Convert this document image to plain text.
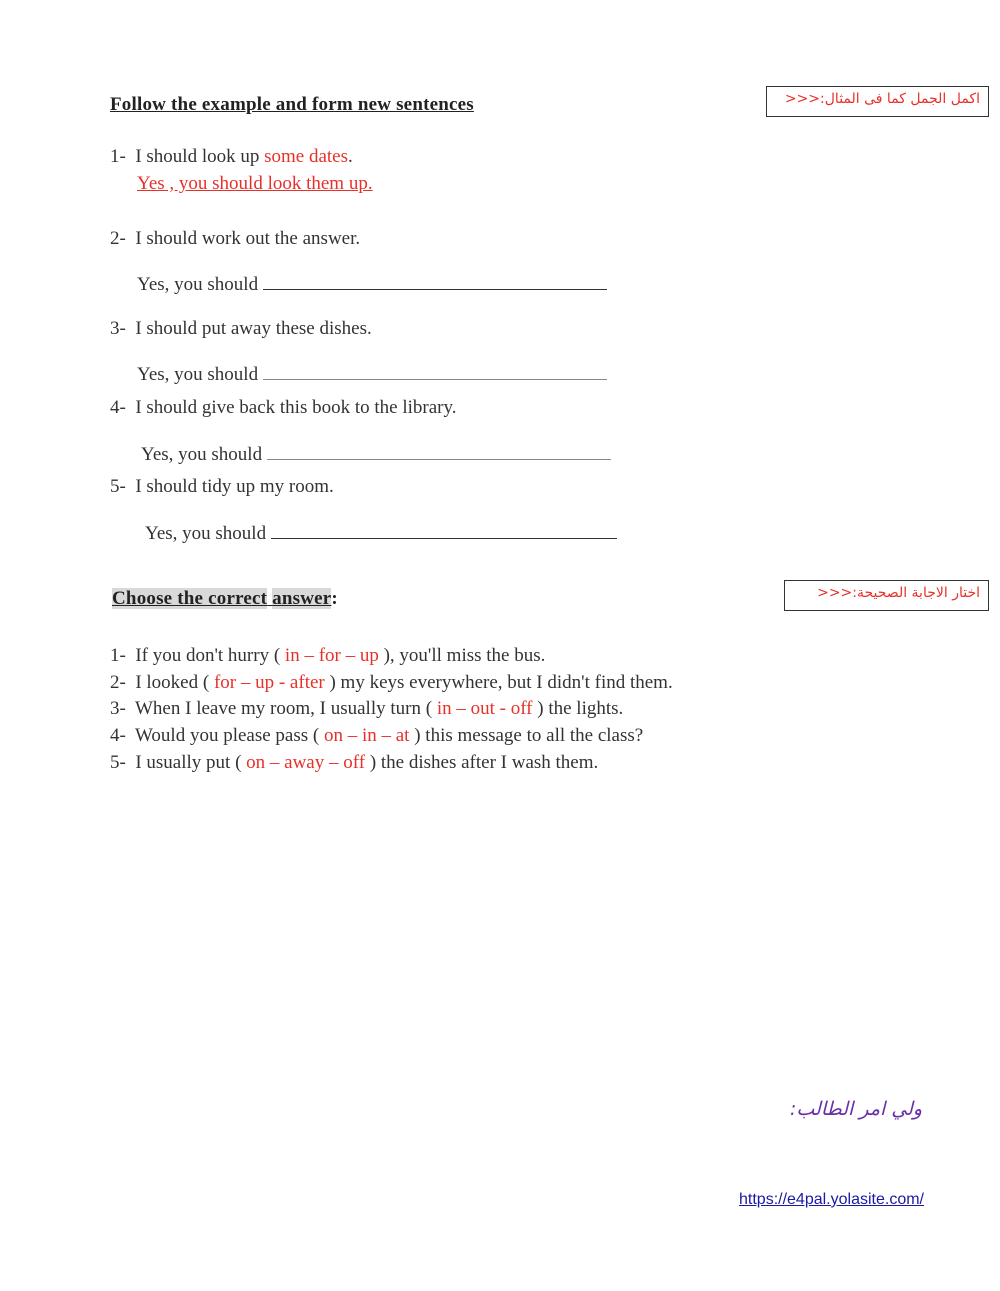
Follow the example and form new sentences	اكمل الجمل كما فى المثال:<<<
1- I should look up some dates.
Yes , you should look them up.
2- I should work out the answer.
Yes, you should
3- I should put away these dishes.
Yes, you should
4- I should give back this book to the library.
Yes, you should
5- I should tidy up my room.
Yes, you should
Choose the correct answer:	اختار الاجابة الصحيحة:<<<
1- If you don't hurry ( in – for – up ), you'll miss the bus.
2- I looked ( for – up - after ) my keys everywhere, but I didn't find them.
3- When I leave my room, I usually turn ( in – out - off ) the lights.
4- Would you please pass ( on – in – at ) this message to all the class?
5- I usually put ( on – away – off ) the dishes after I wash them.
ولي امر الطالب:
https://e4pal.yolasite.com/
